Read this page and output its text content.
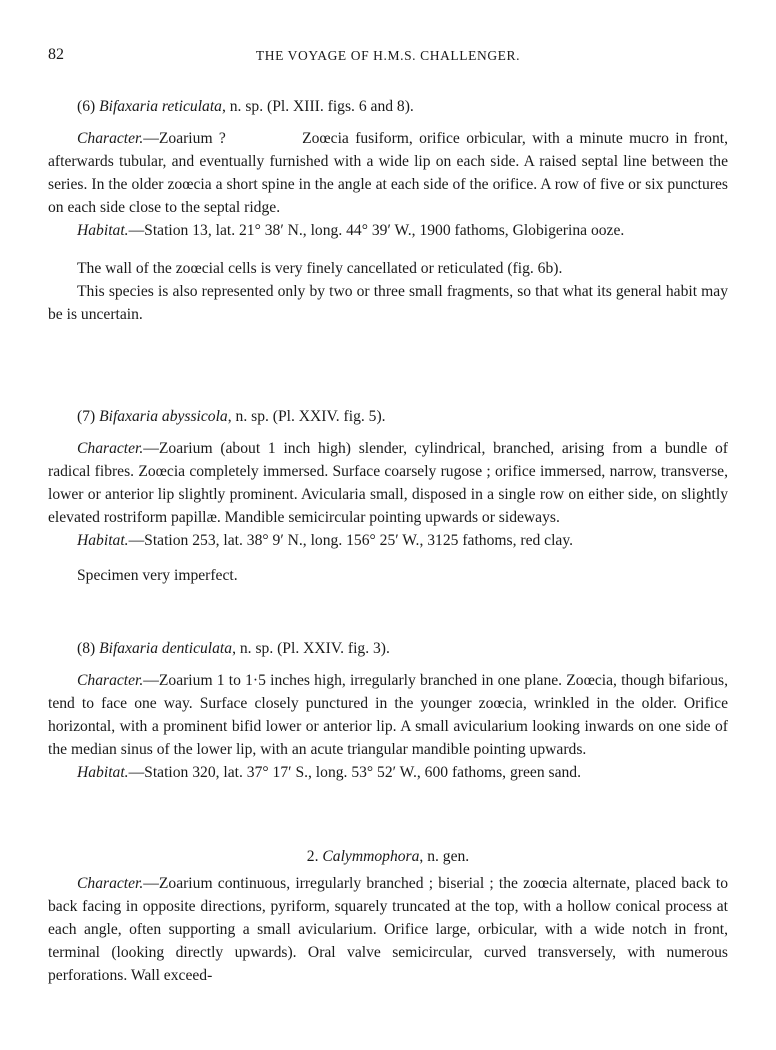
82	THE VOYAGE OF H.M.S. CHALLENGER.

(6) Bifaxaria reticulata, n. sp. (Pl. XIII. figs. 6 and 8).

Character.—Zoarium ?            Zoœcia fusiform, orifice orbicular, with a minute mucro in front, afterwards tubular, and eventually furnished with a wide lip on each side. A raised septal line between the series. In the older zoœcia a short spine in the angle at each side of the orifice. A row of five or six punctures on each side close to the septal ridge.

Habitat.—Station 13, lat. 21° 38′ N., long. 44° 39′ W., 1900 fathoms, Globigerina ooze.

The wall of the zoœcial cells is very finely cancellated or reticulated (fig. 6b).

This species is also represented only by two or three small fragments, so that what its general habit may be is uncertain.

(7) Bifaxaria abyssicola, n. sp. (Pl. XXIV. fig. 5).

Character.—Zoarium (about 1 inch high) slender, cylindrical, branched, arising from a bundle of radical fibres. Zoœcia completely immersed. Surface coarsely rugose ; orifice immersed, narrow, transverse, lower or anterior lip slightly prominent. Avicularia small, disposed in a single row on either side, on slightly elevated rostriform papillæ. Mandible semicircular pointing upwards or sideways.

Habitat.—Station 253, lat. 38° 9′ N., long. 156° 25′ W., 3125 fathoms, red clay.

Specimen very imperfect.

(8) Bifaxaria denticulata, n. sp. (Pl. XXIV. fig. 3).

Character.—Zoarium 1 to 1·5 inches high, irregularly branched in one plane. Zoœcia, though bifarious, tend to face one way. Surface closely punctured in the younger zoœcia, wrinkled in the older. Orifice horizontal, with a prominent bifid lower or anterior lip. A small avicularium looking inwards on one side of the median sinus of the lower lip, with an acute triangular mandible pointing upwards.

Habitat.—Station 320, lat. 37° 17′ S., long. 53° 52′ W., 600 fathoms, green sand.

2. Calymmophora, n. gen.

Character.—Zoarium continuous, irregularly branched ; biserial ; the zoœcia alternate, placed back to back facing in opposite directions, pyriform, squarely truncated at the top, with a hollow conical process at each angle, often supporting a small avicularium. Orifice large, orbicular, with a wide notch in front, terminal (looking directly upwards). Oral valve semicircular, curved transversely, with numerous perforations. Wall exceed-
